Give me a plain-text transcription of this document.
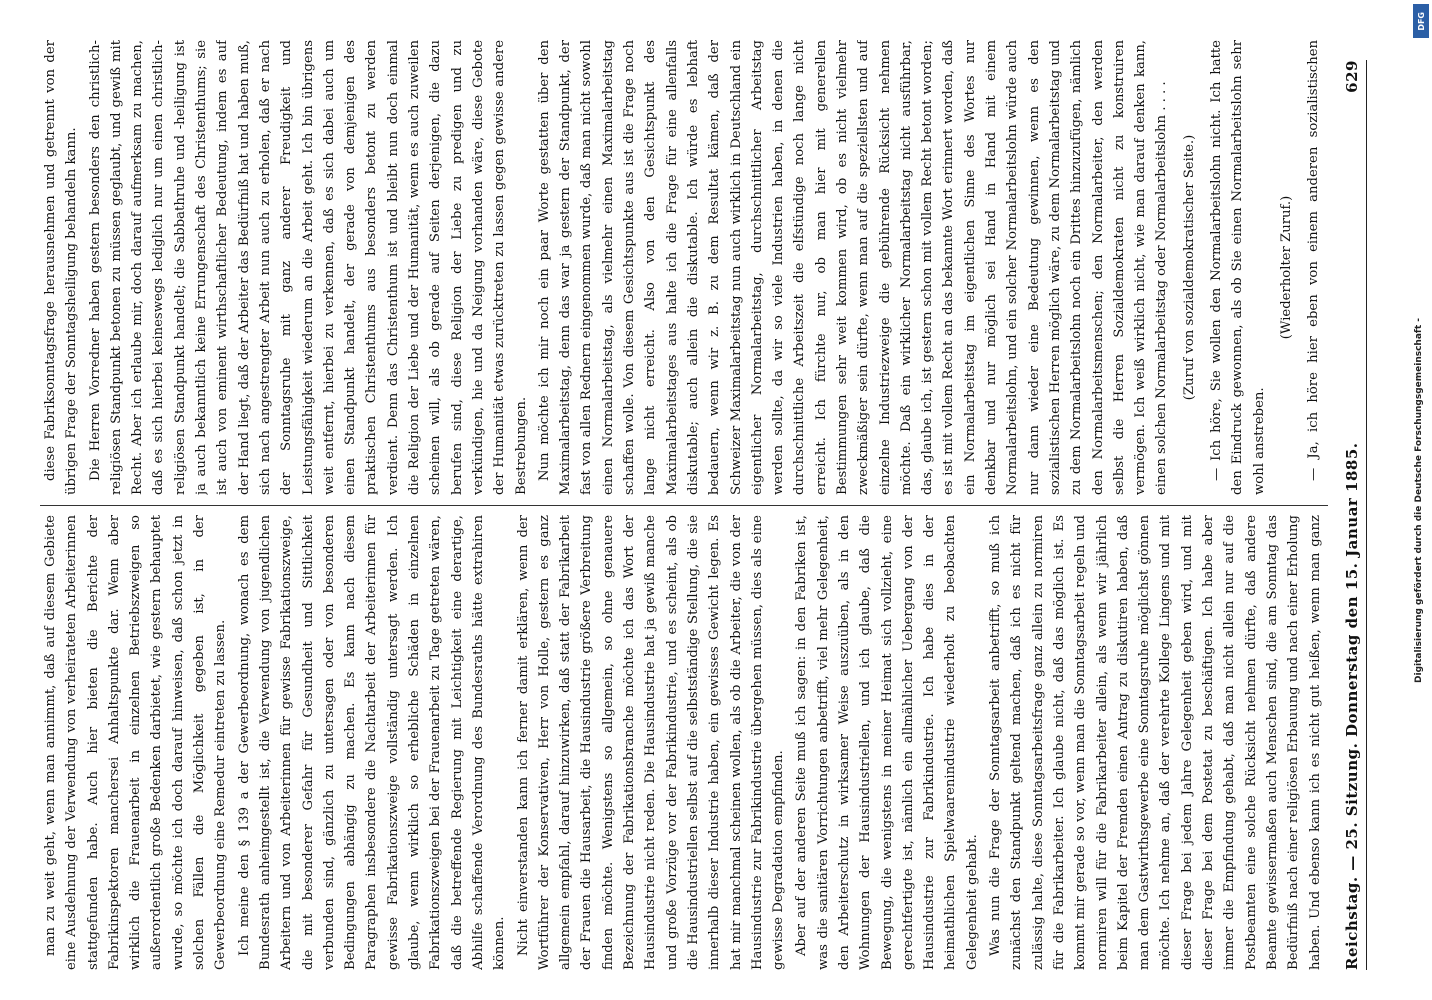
Reichstag. — 25. Sitzung. Donnerstag den 15. Januar 1885.
629

man zu weit geht, wenn man annimmt, daß auf diesem Gebiete eine Ausdehnung der Verwendung von verheirateten Arbeiterinnen stattgefunden habe. Auch hier bieten die Berichte der Fabrikinspektoren manchersei Anhaltspunkte dar. Wenn aber wirklich die Frauenarbeit in einzelnen Betriebszweigen so außerordentlich große Bedenken darbietet, wie gestern behauptet wurde, so möchte ich doch darauf hinweisen, daß schon jetzt in solchen Fällen die Möglichkeit gegeben ist, in der Gewerbeordnung eine Remedur eintreten zu lassen. Ich meine den § 139 a der Gewerbeordnung, wonach es dem Bundesrath anheimgestellt ist, die Verwendung von jugendlichen Arbeitern und von Arbeiterinnen für gewisse Fabrikationszweige, die mit besonderer Gefahr für Gesundheit und Sittlichkeit verbunden sind, gänzlich zu untersagen oder von besonderen Bedingungen abhängig zu machen. Es kann nach diesem Paragraphen insbesondere die Nachtarbeit der Arbeiterinnen für gewisse Fabrikationszweige vollständig untersagt werden. Ich glaube, wenn wirklich so erhebliche Schäden in einzelnen Fabrikationszweigen bei der Frauenarbeit zu Tage getreten wären, daß die betreffende Regierung mit Leichtigkeit eine derartige, Abhilfe schaffende Verordnung des Bundesraths hätte extrahiren können. Nicht einverstanden kann ich ferner damit erklären, wenn der Wortführer der Konservativen, Herr von Holle, gestern es ganz allgemein empfahl, darauf hinzuwirken, daß statt der Fabrikarbeit der Frauen die Hausarbeit, die Hausindustrie größere Verbreitung finden möchte. Wenigstens so allgemein, so ohne genauere Bezeichnung der Fabrikationsbranche möchte ich das Wort der Hausindustrie nicht reden. Die Hausindustrie hat ja gewiß manche und große Vorzüge vor der Fabrikindustrie, und es scheint, als ob die Hausindustriellen selbst auf die selbstständige Stellung, die sie innerhalb dieser Industrie haben, ein gewisses Gewicht legen. Es hat mir manchmal scheinen wollen, als ob die Arbeiter, die von der Hausindustrie zur Fabrikindustrie übergehen müssen, dies als eine gewisse Degradation empfinden. Aber auf der anderen Seite muß ich sagen: in den Fabriken ist, was die sanitären Vorrichtungen anbetrifft, viel mehr Gelegenheit, den Arbeiterschutz in wirksamer Weise auszuüben, als in den Wohnungen der Hausindustriellen, und ich glaube, daß die Bewegung, die wenigstens in meiner Heimat sich vollzieht, eine gerechtfertigte ist, nämlich ein allmählicher Uebergang von der Hausindustrie zur Fabrikindustrie. Ich habe dies in der heimathlichen Spielwaarenindustrie wiederholt zu beobachten Gelegenheit gehabt. Was nun die Frage der Sonntagsarbeit anbetrifft, so muß ich zunächst den Standpunkt geltend machen, daß ich es nicht für zulässig halte, diese Sonntagsarbeitsfrage ganz allein zu normiren für die Fabrikarbeiter. Ich glaube nicht, daß das möglich ist. Es kommt mir gerade so vor, wenn man die Sonntagsarbeit regeln und normiren will für die Fabrikarbeiter allein, als wenn wir jährlich beim Kapitel der Fremden einen Antrag zu diskutiren haben, daß man dem Gastwirthsgewerbe eine Sonntagsruhe möglichst gönnen möchte. Ich nehme an, daß der verehrte Kollege Lingens und mit dieser Frage bei jedem Jahre Gelegenheit geben wird, und mit dieser Frage bei dem Postetat zu beschäftigen. Ich habe aber immer die Empfindung gehabt, daß man nicht allein nur auf die Postbeamten eine solche Rücksicht nehmen dürfte, daß andere Beamte gewissermaßen auch Menschen sind, die am Sonntag das Bedürfniß nach einer religiösen Erbauung und nach einer Erholung haben. Und ebenso kann ich es nicht gut heißen, wenn man ganz

diese Fabriksonntagsfrage herausnehmen und getrennt von der übrigen Frage der Sonntagsheiligung behandeln kann. Die Herren Vorredner haben gestern besonders den christlich-religiösen Standpunkt betonen zu müssen geglaubt, und gewiß mit Recht. Aber ich erlaube mir, doch darauf aufmerksam zu machen, daß es sich hierbei keineswegs lediglich nur um einen christlich-religiösen Standpunkt handelt; die Sabbathruhe und -heiligung ist ja auch bekanntlich keine Errungenschaft des Christenthums; sie ist auch von eminent wirthschaftlicher Bedeutung, indem es auf der Hand liegt, daß der Arbeiter das Bedürfniß hat und haben muß, sich nach angestrengter Arbeit nun auch zu erholen, daß er nach der Sonntagsruhe mit ganz anderer Freudigkeit und Leistungsfähigkeit wiederum an die Arbeit geht. Ich bin übrigens weit entfernt, hierbei zu verkennen, daß es sich dabei auch um einen Standpunkt handelt, der gerade von demjenigen des praktischen Christenthums aus besonders betont zu werden verdient. Denn das Christenthum ist und bleibt nun doch einmal die Religion der Liebe und der Humanität, wenn es auch zuweilen scheinen will, als ob gerade auf Seiten derjenigen, die dazu berufen sind, diese Religion der Liebe zu predigen und zu verkündigen, hie und da Neigung vorhanden wäre, diese Gebote der Humanität etwas zurücktreten zu lassen gegen gewisse andere Bestrebungen. Nun möchte ich mir noch ein paar Worte gestatten über den Maximalarbeitstag, denn das war ja gestern der Standpunkt, der fast von allen Rednern eingenommen wurde, daß man nicht sowohl einen Normalarbeitstag, als vielmehr einen Maximalarbeitstag schaffen wolle. Von diesem Gesichtspunkte aus ist die Frage noch lange nicht erreicht. Also von den Gesichtspunkt des Maximalarbeitstages aus halte ich die Frage für eine allenfalls diskutable; auch allein die diskutable. Ich würde es lebhaft bedauern, wenn wir z. B. zu dem Resultat kämen, daß der Schweizer Maximalarbeitstag nun auch wirklich in Deutschland ein eigentlicher Normalarbeitstag, durchschnittlicher Arbeitstag werden sollte, da wir so viele Industrien haben, in denen die durchschnittliche Arbeitszeit die elfstündige noch lange nicht erreicht. Ich fürchte nur, ob man hier mit generellen Bestimmungen sehr weit kommen wird, ob es nicht vielmehr zweckmäßiger sein dürfte, wenn man auf die speziellsten und auf einzelne Industriezweige die gebührende Rücksicht nehmen möchte. Daß ein wirklicher Normalarbeitstag nicht ausführbar, das, glaube ich, ist gestern schon mit vollem Recht betont worden; es ist mit vollem Recht an das bekannte Wort erinnert worden, daß ein Normalarbeitstag im eigentlichen Sinne des Wortes nur denkbar und nur möglich sei Hand in Hand mit einem Normalarbeitslohn, und ein solcher Normalarbeitslohn würde auch nur dann wieder eine Bedeutung gewinnen, wenn es den sozialistischen Herren möglich wäre, zu dem Normalarbeitstag und zu dem Normalarbeitslohn noch ein Drittes hinzuzufügen, nämlich den Normalarbeitsmenschen; den Normalarbeiter, den werden selbst die Herren Sozialdemokraten nicht zu konstruiren vermögen. Ich weiß wirklich nicht, wie man darauf denken kann, einen solchen Normalarbeitstag oder Normalarbeitslohn . . . . (Zuruf von sozialdemokratischer Seite.) — Ich höre, Sie wollen den Normalarbeitslohn nicht. Ich hatte den Eindruck gewonnen, als ob Sie einen Normalarbeitslohn sehr wohl anstreben.

(Wiederholter Zuruf.)

— Ja, ich höre hier eben von einem anderen sozialistischen

DFG
Digitalisierung gefördert durch die Deutsche Forschungsgemeinschaft -
